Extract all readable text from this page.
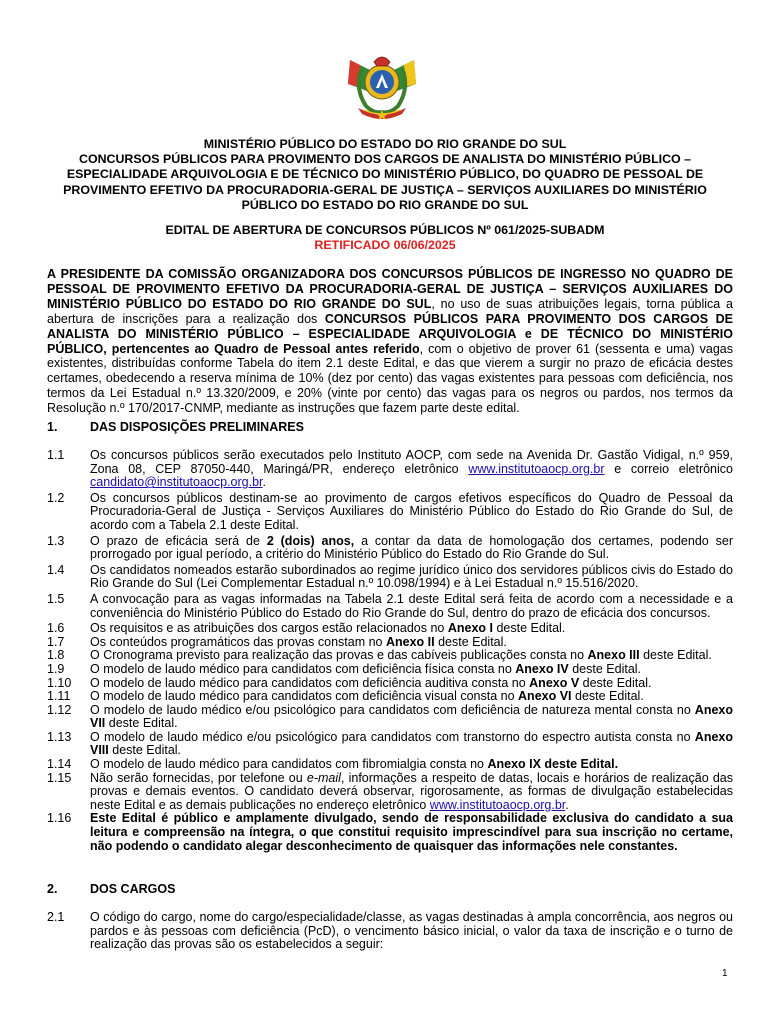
MINISTÉRIO PÚBLICO DO ESTADO DO RIO GRANDE DO SUL
CONCURSOS PÚBLICOS PARA PROVIMENTO DOS CARGOS DE ANALISTA DO MINISTÉRIO PÚBLICO – ESPECIALIDADE ARQUIVOLOGIA E DE TÉCNICO DO MINISTÉRIO PÚBLICO, DO QUADRO DE PESSOAL DE PROVIMENTO EFETIVO DA PROCURADORIA-GERAL DE JUSTIÇA – SERVIÇOS AUXILIARES DO MINISTÉRIO PÚBLICO DO ESTADO DO RIO GRANDE DO SUL
EDITAL DE ABERTURA DE CONCURSOS PÚBLICOS Nº 061/2025-SUBADM
RETIFICADO 06/06/2025
A PRESIDENTE DA COMISSÃO ORGANIZADORA DOS CONCURSOS PÚBLICOS DE INGRESSO NO QUADRO DE PESSOAL DE PROVIMENTO EFETIVO DA PROCURADORIA-GERAL DE JUSTIÇA – SERVIÇOS AUXILIARES DO MINISTÉRIO PÚBLICO DO ESTADO DO RIO GRANDE DO SUL, no uso de suas atribuições legais, torna pública a abertura de inscrições para a realização dos CONCURSOS PÚBLICOS PARA PROVIMENTO DOS CARGOS DE ANALISTA DO MINISTÉRIO PÚBLICO – ESPECIALIDADE ARQUIVOLOGIA e DE TÉCNICO DO MINISTÉRIO PÚBLICO, pertencentes ao Quadro de Pessoal antes referido, com o objetivo de prover 61 (sessenta e uma) vagas existentes, distribuídas conforme Tabela do item 2.1 deste Edital, e das que vierem a surgir no prazo de eficácia destes certames, obedecendo a reserva mínima de 10% (dez por cento) das vagas existentes para pessoas com deficiência, nos termos da Lei Estadual n.º 13.320/2009, e 20% (vinte por cento) das vagas para os negros ou pardos, nos termos da Resolução n.º 170/2017-CNMP, mediante as instruções que fazem parte deste edital.
1.	DAS DISPOSIÇÕES PRELIMINARES

1.1 Os concursos públicos serão executados pelo Instituto AOCP, com sede na Avenida Dr. Gastão Vidigal, n.º 959, Zona 08, CEP 87050-440, Maringá/PR, endereço eletrônico www.institutoaocp.org.br e correio eletrônico candidato@institutoaocp.org.br.

1.2 Os concursos públicos destinam-se ao provimento de cargos efetivos específicos do Quadro de Pessoal da Procuradoria-Geral de Justiça - Serviços Auxiliares do Ministério Público do Estado do Rio Grande do Sul, de acordo com a Tabela 2.1 deste Edital.

1.3 O prazo de eficácia será de 2 (dois) anos, a contar da data de homologação dos certames, podendo ser prorrogado por igual período, a critério do Ministério Público do Estado do Rio Grande do Sul.

1.4 Os candidatos nomeados estarão subordinados ao regime jurídico único dos servidores públicos civis do Estado do Rio Grande do Sul (Lei Complementar Estadual n.º 10.098/1994) e à Lei Estadual n.º 15.516/2020.

1.5 A convocação para as vagas informadas na Tabela 2.1 deste Edital será feita de acordo com a necessidade e a conveniência do Ministério Público do Estado do Rio Grande do Sul, dentro do prazo de eficácia dos concursos.

1.6 Os requisitos e as atribuições dos cargos estão relacionados no Anexo I deste Edital.

1.7 Os conteúdos programáticos das provas constam no Anexo II deste Edital.

1.8 O Cronograma previsto para realização das provas e das cabíveis publicações consta no Anexo III deste Edital.

1.9 O modelo de laudo médico para candidatos com deficiência física consta no Anexo IV deste Edital.

1.10 O modelo de laudo médico para candidatos com deficiência auditiva consta no Anexo V deste Edital.

1.11 O modelo de laudo médico para candidatos com deficiência visual consta no Anexo VI deste Edital.

1.12 O modelo de laudo médico e/ou psicológico para candidatos com deficiência de natureza mental consta no Anexo VII deste Edital.

1.13 O modelo de laudo médico e/ou psicológico para candidatos com transtorno do espectro autista consta no Anexo VIII deste Edital.

1.14 O modelo de laudo médico para candidatos com fibromialgia consta no Anexo IX deste Edital.

1.15 Não serão fornecidas, por telefone ou e-mail, informações a respeito de datas, locais e horários de realização das provas e demais eventos. O candidato deverá observar, rigorosamente, as formas de divulgação estabelecidas neste Edital e as demais publicações no endereço eletrônico www.institutoaocp.org.br.

1.16 Este Edital é público e amplamente divulgado, sendo de responsabilidade exclusiva do candidato a sua leitura e compreensão na íntegra, o que constitui requisito imprescindível para sua inscrição no certame, não podendo o candidato alegar desconhecimento de quaisquer das informações nele constantes.

2.	DOS CARGOS

2.1 O código do cargo, nome do cargo/especialidade/classe, as vagas destinadas à ampla concorrência, aos negros ou pardos e às pessoas com deficiência (PcD), o vencimento básico inicial, o valor da taxa de inscrição e o turno de realização das provas são os estabelecidos a seguir:

1
